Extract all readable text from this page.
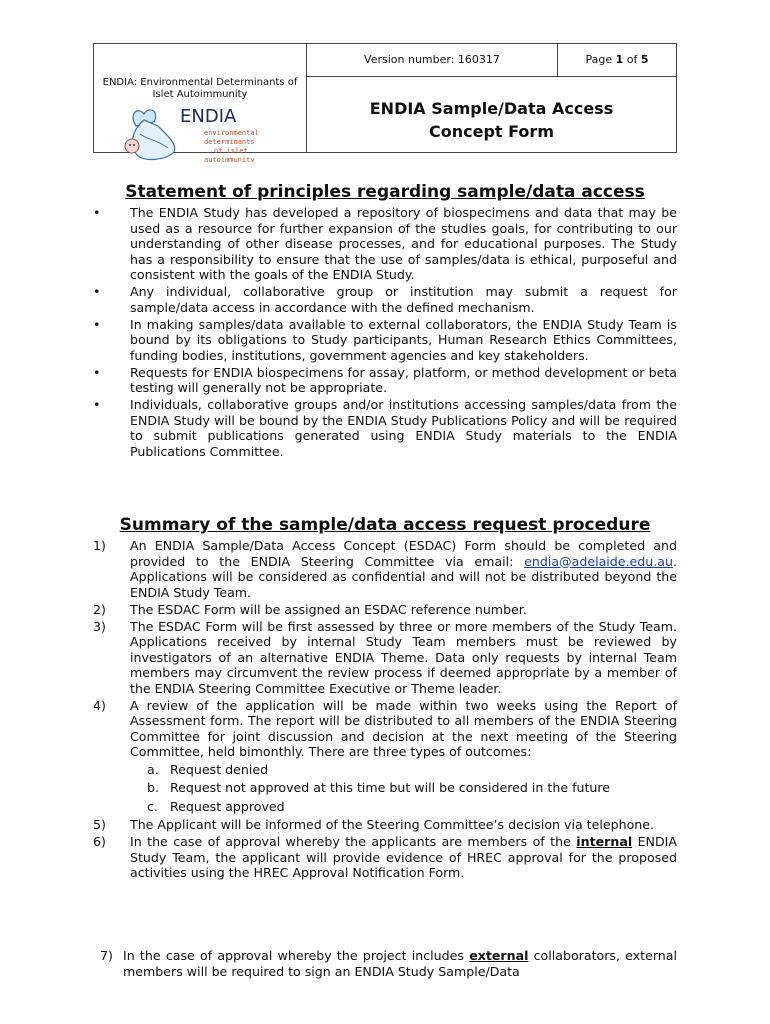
ENDIA: Environmental Determinants of Islet Autoimmunity
ENDIA
environmental
determinants
of islet
autoimmunity
Version number: 160317	Page 1 of 5
ENDIA Sample/Data Access
Concept Form
Statement of principles regarding sample/data access
• The ENDIA Study has developed a repository of biospecimens and data that may be used as a resource for further expansion of the studies goals, for contributing to our understanding of other disease processes, and for educational purposes. The Study has a responsibility to ensure that the use of samples/data is ethical, purposeful and consistent with the goals of the ENDIA Study.
• Any individual, collaborative group or institution may submit a request for sample/data access in accordance with the defined mechanism.
• In making samples/data available to external collaborators, the ENDIA Study Team is bound by its obligations to Study participants, Human Research Ethics Committees, funding bodies, institutions, government agencies and key stakeholders.
• Requests for ENDIA biospecimens for assay, platform, or method development or beta testing will generally not be appropriate.
• Individuals, collaborative groups and/or institutions accessing samples/data from the ENDIA Study will be bound by the ENDIA Study Publications Policy and will be required to submit publications generated using ENDIA Study materials to the ENDIA Publications Committee.
Summary of the sample/data access request procedure
1) An ENDIA Sample/Data Access Concept (ESDAC) Form should be completed and provided to the ENDIA Steering Committee via email: endia@adelaide.edu.au. Applications will be considered as confidential and will not be distributed beyond the ENDIA Study Team.
2) The ESDAC Form will be assigned an ESDAC reference number.
3) The ESDAC Form will be first assessed by three or more members of the Study Team. Applications received by internal Study Team members must be reviewed by investigators of an alternative ENDIA Theme. Data only requests by internal Team members may circumvent the review process if deemed appropriate by a member of the ENDIA Steering Committee Executive or Theme leader.
4) A review of the application will be made within two weeks using the Report of Assessment form. The report will be distributed to all members of the ENDIA Steering Committee for joint discussion and decision at the next meeting of the Steering Committee, held bimonthly. There are three types of outcomes:
a. Request denied
b. Request not approved at this time but will be considered in the future
c. Request approved
5) The Applicant will be informed of the Steering Committee’s decision via telephone.
6) In the case of approval whereby the applicants are members of the internal ENDIA Study Team, the applicant will provide evidence of HREC approval for the proposed activities using the HREC Approval Notification Form.
7) In the case of approval whereby the project includes external collaborators, external members will be required to sign an ENDIA Study Sample/Data
